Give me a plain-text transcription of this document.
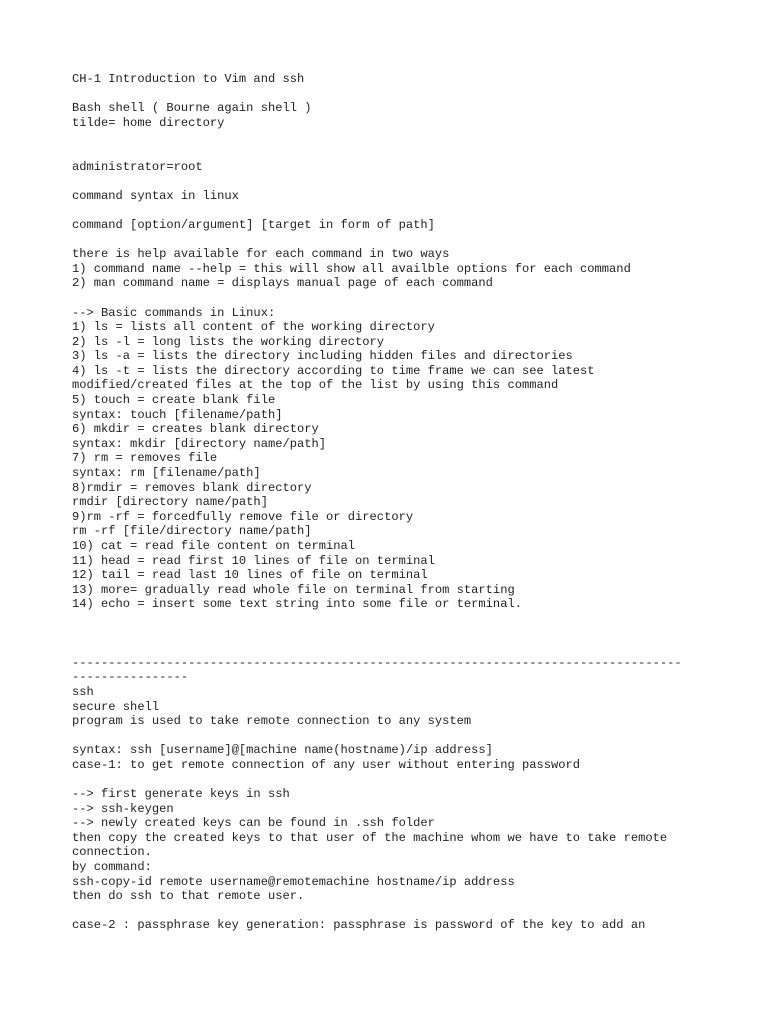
CH-1 Introduction to Vim and ssh
Bash shell ( Bourne again shell )
tilde= home directory
administrator=root
command syntax in linux
command [option/argument] [target in form of path]
there is help available for each command in two ways
1) command name --help = this will show all availble options for each command
2) man command name = displays manual page of each command
--> Basic commands in Linux:
1) ls = lists all content of the working directory
2) ls -l = long lists the working directory
3) ls -a = lists the directory including hidden files and directories
4) ls -t = lists the directory according to time frame we can see latest
modified/created files at the top of the list by using this command
5) touch = create blank file
syntax: touch [filename/path]
6) mkdir = creates blank directory
syntax: mkdir [directory name/path]
7) rm = removes file
syntax: rm [filename/path]
8)rmdir = removes blank directory
rmdir [directory name/path]
9)rm -rf = forcedfully remove file or directory
rm -rf [file/directory name/path]
10) cat = read file content on terminal
11) head = read first 10 lines of file on terminal
12) tail = read last 10 lines of file on terminal
13) more= gradually read whole file on terminal from starting
14) echo = insert some text string into some file or terminal.
------------------------------------------------------------------------------------
----------------
ssh
secure shell
program is used to take remote connection to any system
syntax: ssh [username]@[machine name(hostname)/ip address]
case-1: to get remote connection of any user without entering password
--> first generate keys in ssh
--> ssh-keygen
--> newly created keys can be found in .ssh folder
then copy the created keys to that user of the machine whom we have to take remote
connection.
by command:
ssh-copy-id remote username@remotemachine hostname/ip address
then do ssh to that remote user.
case-2 : passphrase key generation: passphrase is password of the key to add an
